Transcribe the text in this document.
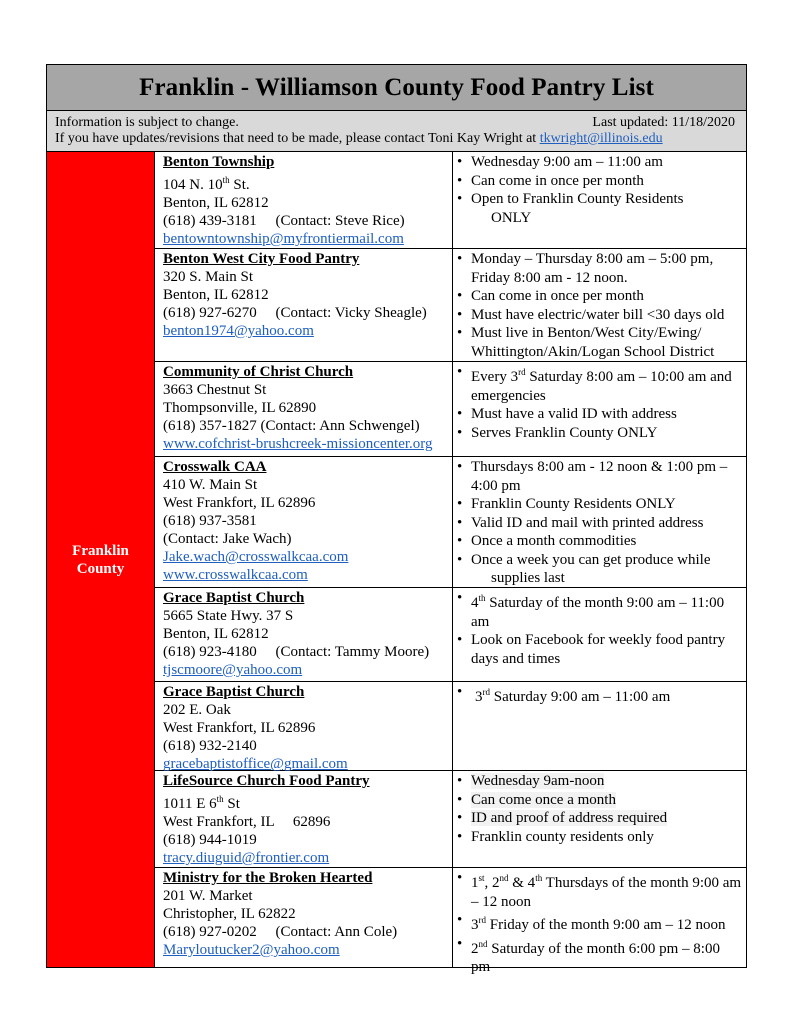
Franklin - Williamson County Food Pantry List
Information is subject to change.	Last updated: 11/18/2020
If you have updates/revisions that need to be made, please contact Toni Kay Wright at tkwright@illinois.edu
Franklin
County
Benton Township
104 N. 10th St.
Benton, IL 62812
(618) 439-3181     (Contact: Steve Rice)
bentowntownship@myfrontiermail.com
• Wednesday 9:00 am – 11:00 am
• Can come in once per month
• Open to Franklin County Residents
ONLY
Benton West City Food Pantry
320 S. Main St
Benton, IL 62812
(618) 927-6270     (Contact: Vicky Sheagle)
benton1974@yahoo.com
• Monday – Thursday 8:00 am – 5:00 pm, Friday 8:00 am - 12 noon.
• Can come in once per month
• Must have electric/water bill <30 days old
• Must live in Benton/West City/Ewing/ Whittington/Akin/Logan School District
Community of Christ Church
3663 Chestnut St
Thompsonville, IL 62890
(618) 357-1827 (Contact: Ann Schwengel)
www.cofchrist-brushcreek-missioncenter.org
• Every 3rd Saturday 8:00 am – 10:00 am and emergencies
• Must have a valid ID with address
• Serves Franklin County ONLY
Crosswalk CAA
410 W. Main St
West Frankfort, IL 62896
(618) 937-3581
(Contact: Jake Wach)
Jake.wach@crosswalkcaa.com
www.crosswalkcaa.com
• Thursdays 8:00 am - 12 noon & 1:00 pm – 4:00 pm
• Franklin County Residents ONLY
• Valid ID and mail with printed address
• Once a month commodities
• Once a week you can get produce while
supplies last
Grace Baptist Church
5665 State Hwy. 37 S
Benton, IL 62812
(618) 923-4180     (Contact: Tammy Moore)
tjscmoore@yahoo.com
• 4th Saturday of the month 9:00 am – 11:00 am
• Look on Facebook for weekly food pantry days and times
Grace Baptist Church
202 E. Oak
West Frankfort, IL 62896
(618) 932-2140
gracebaptistoffice@gmail.com
• 3rd Saturday 9:00 am – 11:00 am
LifeSource Church Food Pantry
1011 E 6th St
West Frankfort, IL     62896
(618) 944-1019
tracy.diuguid@frontier.com
• Wednesday 9am-noon
• Can come once a month
• ID and proof of address required
• Franklin county residents only
Ministry for the Broken Hearted
201 W. Market
Christopher, IL 62822
(618) 927-0202     (Contact: Ann Cole)
Maryloutucker2@yahoo.com
• 1st, 2nd & 4th Thursdays of the month 9:00 am – 12 noon
• 3rd Friday of the month 9:00 am – 12 noon
• 2nd Saturday of the month 6:00 pm – 8:00 pm
